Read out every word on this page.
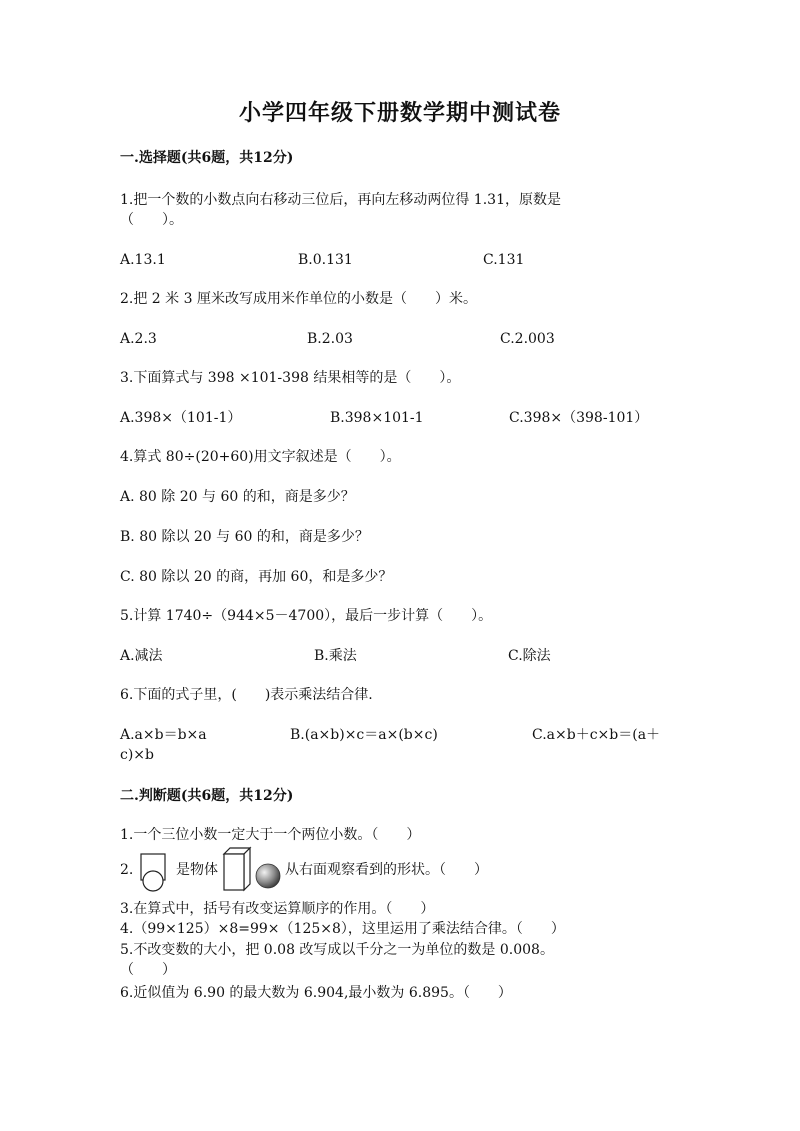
小学四年级下册数学期中测试卷
一.选择题(共6题，共12分)
1.把一个数的小数点向右移动三位后，再向左移动两位得 1.31，原数是
（　　）。
A.13.1	B.0.131	C.131
2.把 2 米 3 厘米改写成用米作单位的小数是（　　）米。
A.2.3	B.2.03	C.2.003
3.下面算式与 398 ×101-398 结果相等的是（　　）。
A.398×（101-1）	B.398×101-1	C.398×（398-101）
4.算式 80÷(20+60)用文字叙述是（　　）。
A. 80 除 20 与 60 的和，商是多少？
B. 80 除以 20 与 60 的和，商是多少？
C. 80 除以 20 的商，再加 60，和是多少？
5.计算 1740÷（944×5－4700），最后一步计算（　　）。
A.减法	B.乘法	C.除法
6.下面的式子里，(　　)表示乘法结合律.
A.a×b＝b×a	B.(a×b)×c＝a×(b×c)	C.a×b＋c×b＝(a＋
c)×b
二.判断题(共6题，共12分)
1.一个三位小数一定大于一个两位小数。（　　）
2.	是物体	从右面观察看到的形状。（　　）
3.在算式中，括号有改变运算顺序的作用。（　　）
4.（99×125）×8=99×（125×8），这里运用了乘法结合律。（　　）
5.不改变数的大小，把 0.08 改写成以千分之一为单位的数是 0.008。
（　　）
6.近似值为 6.90 的最大数为 6.904,最小数为 6.895。（　　）
